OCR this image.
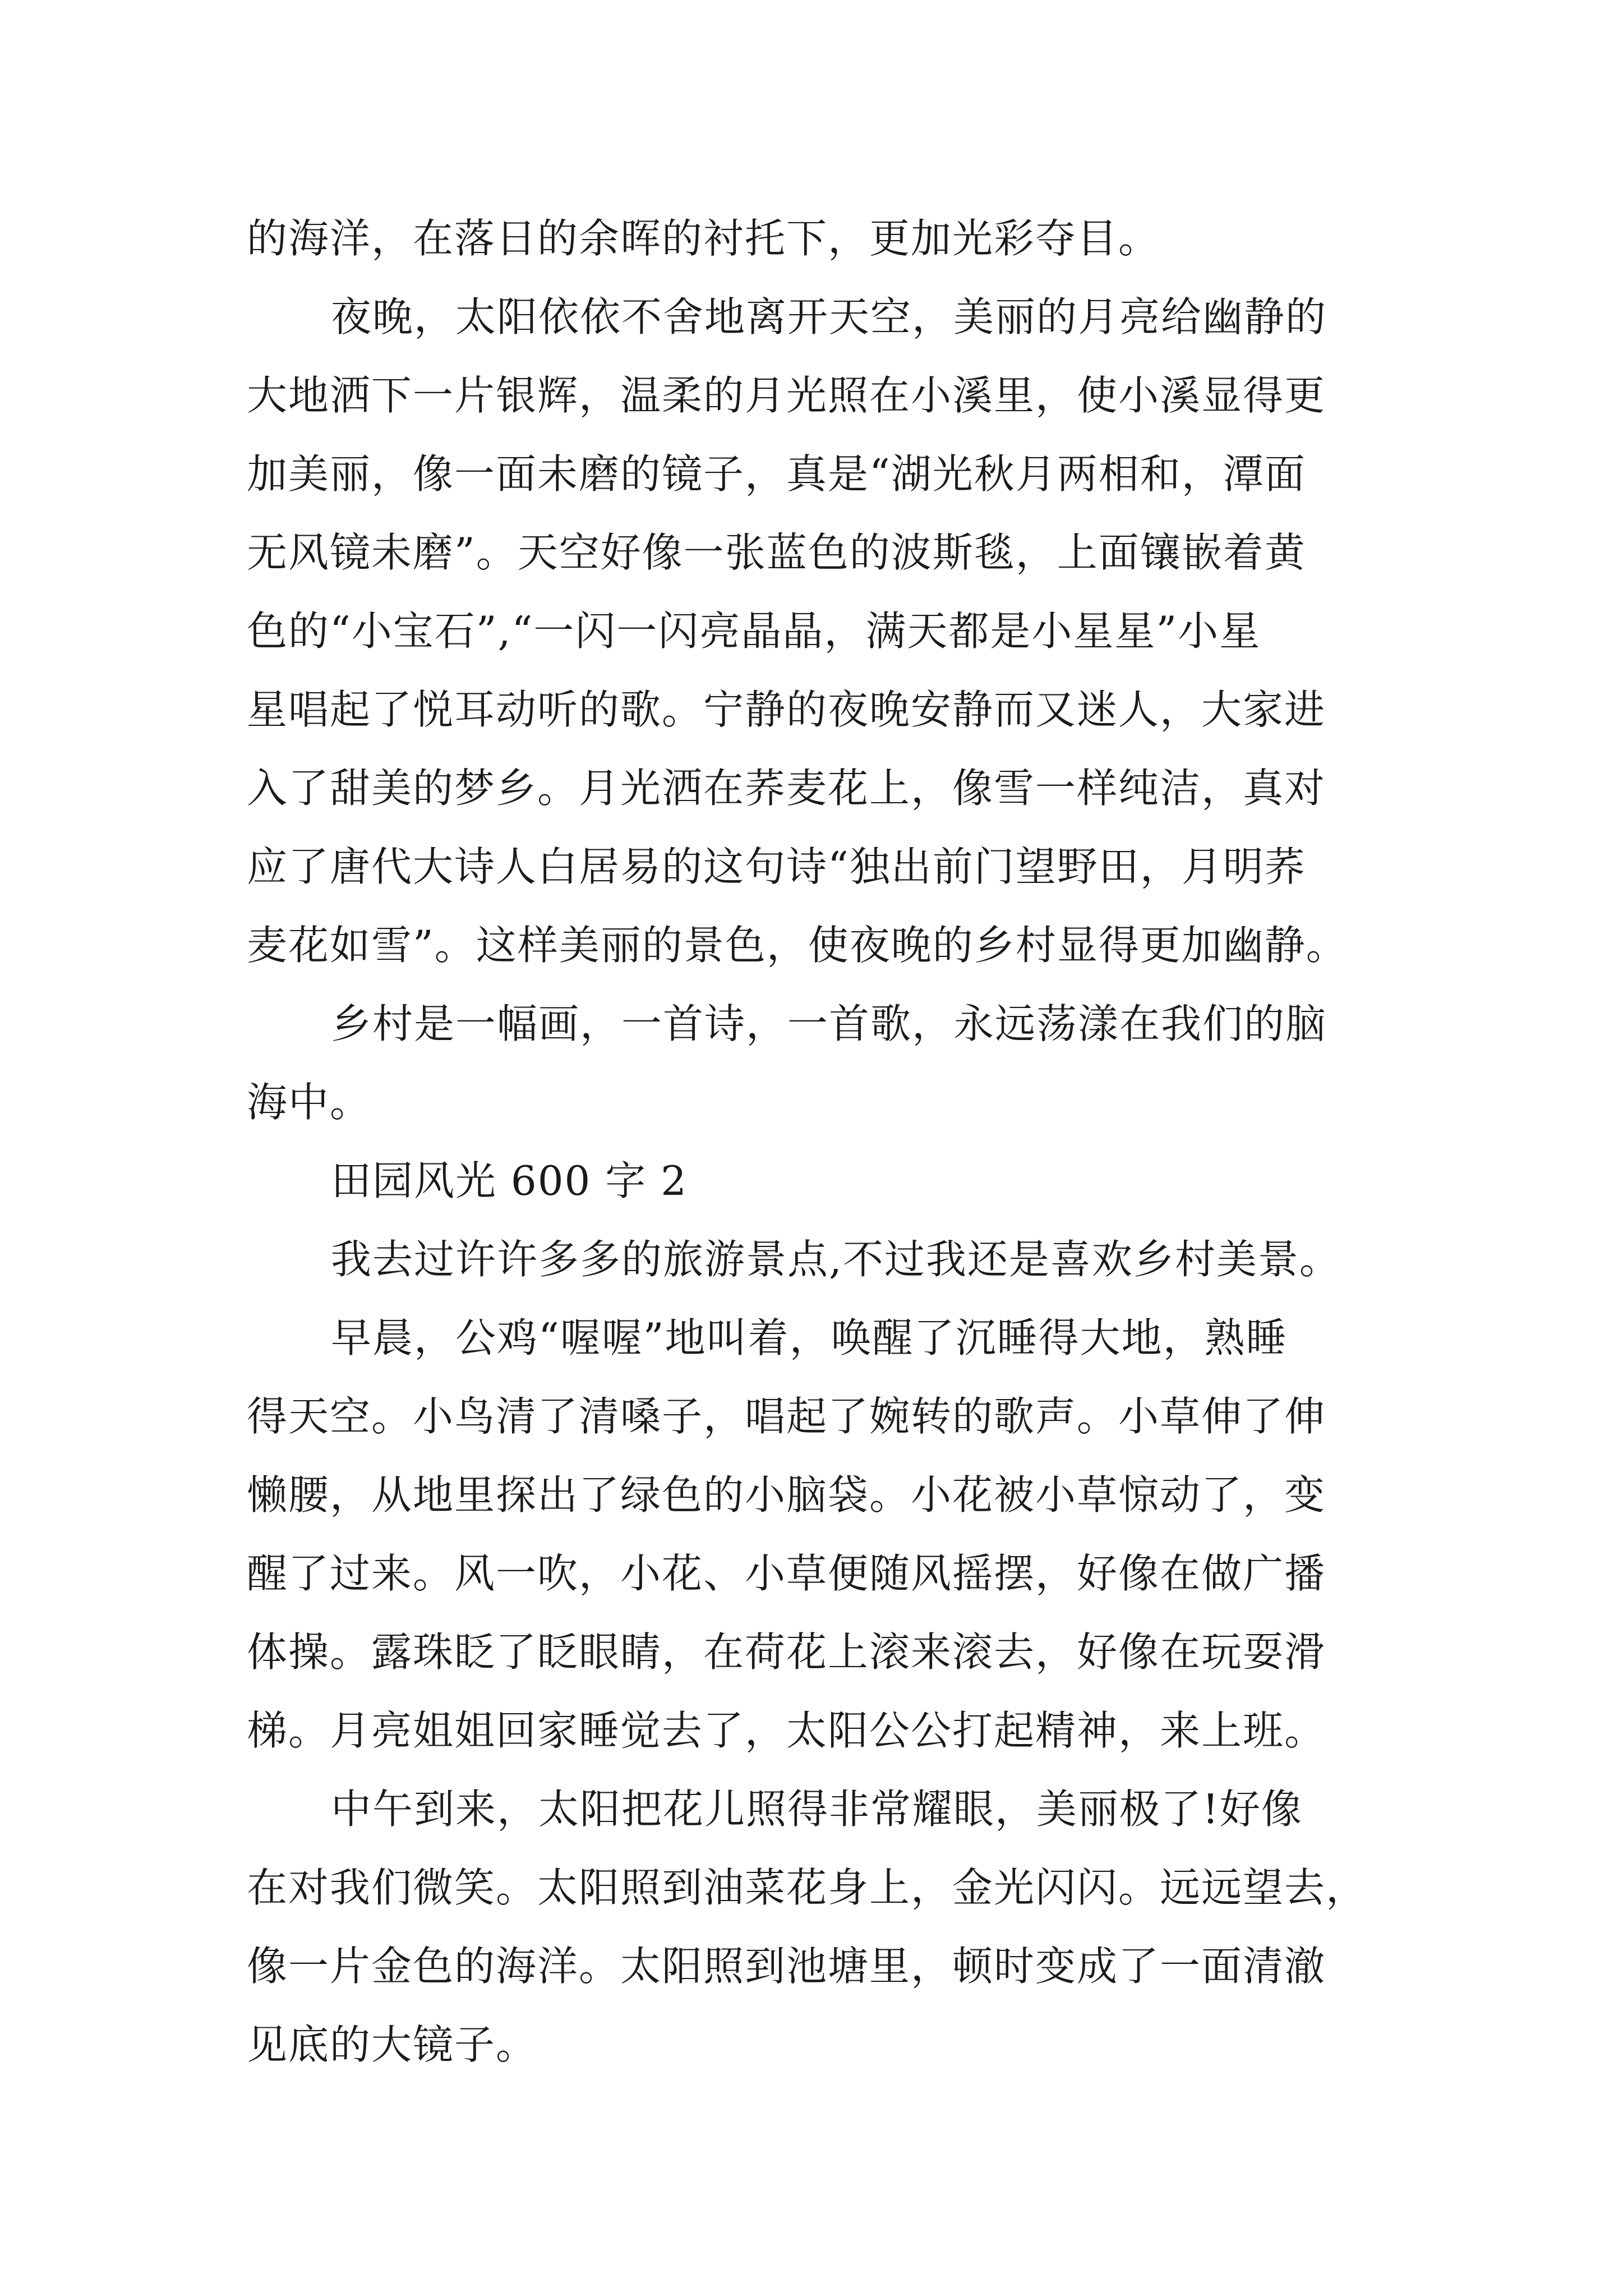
的海洋，在落日的余晖的衬托下，更加光彩夺目。
夜晚，太阳依依不舍地离开天空，美丽的月亮给幽静的
大地洒下一片银辉，温柔的月光照在小溪里，使小溪显得更
加美丽，像一面未磨的镜子，真是“湖光秋月两相和，潭面
无风镜未磨”。天空好像一张蓝色的波斯毯，上面镶嵌着黄
色的“小宝石”,“一闪一闪亮晶晶，满天都是小星星”小星
星唱起了悦耳动听的歌。宁静的夜晚安静而又迷人，大家进
入了甜美的梦乡。月光洒在荞麦花上，像雪一样纯洁，真对
应了唐代大诗人白居易的这句诗“独出前门望野田，月明荞
麦花如雪”。这样美丽的景色，使夜晚的乡村显得更加幽静。
乡村是一幅画，一首诗，一首歌，永远荡漾在我们的脑
海中。
田园风光 600 字 2
我去过许许多多的旅游景点,不过我还是喜欢乡村美景。
早晨，公鸡“喔喔”地叫着，唤醒了沉睡得大地，熟睡
得天空。小鸟清了清嗓子，唱起了婉转的歌声。小草伸了伸
懒腰，从地里探出了绿色的小脑袋。小花被小草惊动了，变
醒了过来。风一吹，小花、小草便随风摇摆，好像在做广播
体操。露珠眨了眨眼睛，在荷花上滚来滚去，好像在玩耍滑
梯。月亮姐姐回家睡觉去了，太阳公公打起精神，来上班。
中午到来，太阳把花儿照得非常耀眼，美丽极了!好像
在对我们微笑。太阳照到油菜花身上，金光闪闪。远远望去，
像一片金色的海洋。太阳照到池塘里，顿时变成了一面清澈
见底的大镜子。
